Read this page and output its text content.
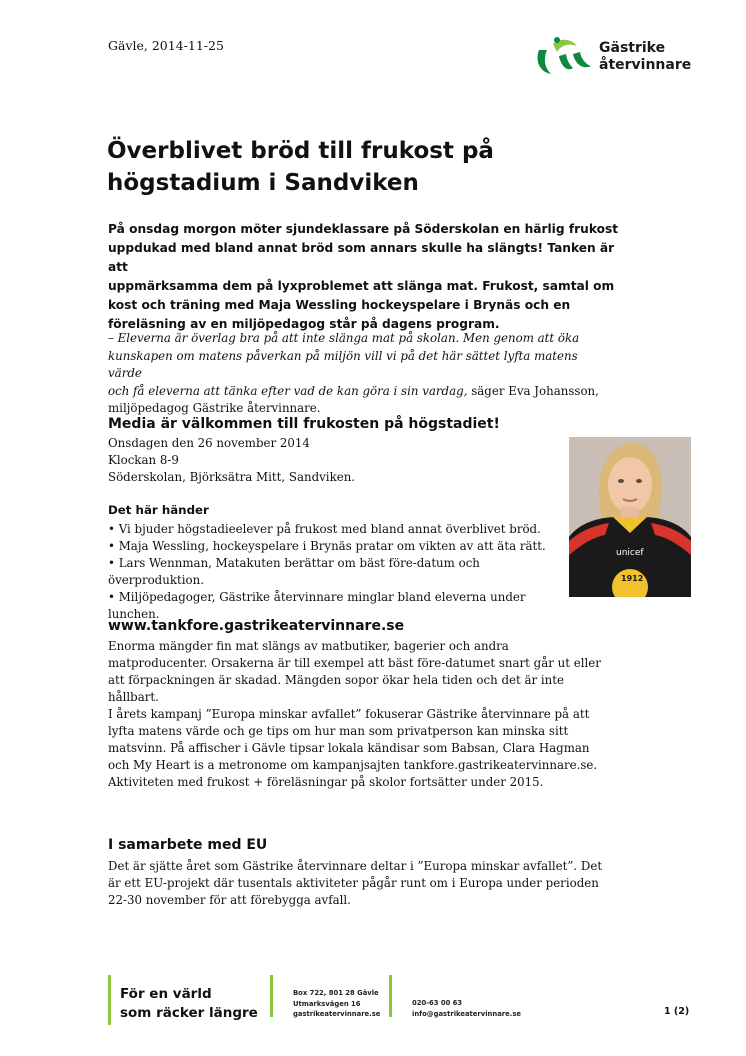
Gävle, 2014-11-25	Gästrike
återvinnare
Överblivet bröd till frukost på
högstadium i Sandviken
På onsdag morgon möter sjundeklassare på Söderskolan en härlig frukost
uppdukad med bland annat bröd som annars skulle ha slängts! Tanken är att
uppmärksamma dem på lyxproblemet att slänga mat. Frukost, samtal om
kost och träning med Maja Wessling hockeyspelare i Brynäs och en
föreläsning av en miljöpedagog står på dagens program.
– Eleverna är överlag bra på att inte slänga mat på skolan. Men genom att öka
kunskapen om matens påverkan på miljön vill vi på det här sättet lyfta matens värde
och få eleverna att tänka efter vad de kan göra i sin vardag, säger Eva Johansson,
miljöpedagog Gästrike återvinnare.
Media är välkommen till frukosten på högstadiet!
Onsdagen den 26 november 2014
Klockan 8-9
Söderskolan, Björksätra Mitt, Sandviken.
Det här händer
• Vi bjuder högstadieelever på frukost med bland annat överblivet bröd.
• Maja Wessling, hockeyspelare i Brynäs pratar om vikten av att äta rätt.
• Lars Wennman, Matakuten berättar om bäst före-datum och
överproduktion.
• Miljöpedagoger, Gästrike återvinnare minglar bland eleverna under
lunchen.
unicef
1912
www.tankfore.gastrikeatervinnare.se
Enorma mängder fin mat slängs av matbutiker, bagerier och andra
matproducenter. Orsakerna är till exempel att bäst före-datumet snart går ut eller
att förpackningen är skadad. Mängden sopor ökar hela tiden och det är inte
hållbart.
I årets kampanj ”Europa minskar avfallet” fokuserar Gästrike återvinnare på att
lyfta matens värde och ge tips om hur man som privatperson kan minska sitt
matsvinn. På affischer i Gävle tipsar lokala kändisar som Babsan, Clara Hagman
och My Heart is a metronome om kampanjsajten tankfore.gastrikeatervinnare.se.
Aktiviteten med frukost + föreläsningar på skolor fortsätter under 2015.
I samarbete med EU
Det är sjätte året som Gästrike återvinnare deltar i ”Europa minskar avfallet”. Det
är ett EU-projekt där tusentals aktiviteter pågår runt om i Europa under perioden
22-30 november för att förebygga avfall.
För en värld
som räcker längre
Box 722, 801 28 Gävle
Utmarksvägen 16
gastrikeatervinnare.se
020-63 00 63
info@gastrikeatervinnare.se	1 (2)
